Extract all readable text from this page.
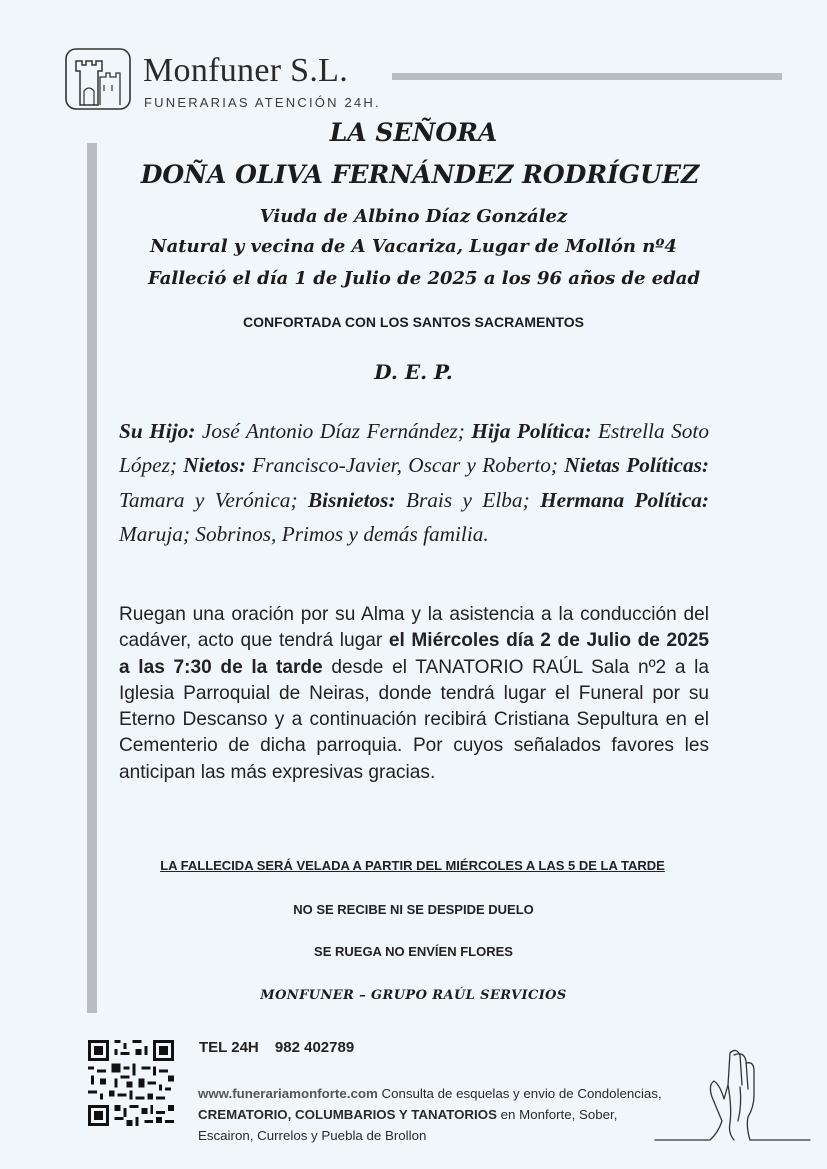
Monfuner S.L.
FUNERARIAS ATENCIÓN 24H.
LA SEÑORA
DOÑA OLIVA FERNÁNDEZ RODRÍGUEZ
Viuda de Albino Díaz González
Natural y vecina de A Vacariza, Lugar de Mollón nº4
Falleció el día 1 de Julio de 2025 a los 96 años de edad
CONFORTADA CON LOS SANTOS SACRAMENTOS
D. E. P.
Su Hijo: José Antonio Díaz Fernández; Hija Política: Estrella Soto López; Nietos: Francisco-Javier, Oscar y Roberto; Nietas Políticas: Tamara y Verónica; Bisnietos: Brais y Elba; Hermana Política: Maruja; Sobrinos, Primos y demás familia.
Ruegan una oración por su Alma y la asistencia a la conducción del cadáver, acto que tendrá lugar el Miércoles día 2 de Julio de 2025 a las 7:30 de la tarde desde el TANATORIO RAÚL Sala nº2 a la Iglesia Parroquial de Neiras, donde tendrá lugar el Funeral por su Eterno Descanso y a continuación recibirá Cristiana Sepultura en el Cementerio de dicha parroquia. Por cuyos señalados favores les anticipan las más expresivas gracias.
LA FALLECIDA SERÁ VELADA A PARTIR DEL MIÉRCOLES A LAS 5 DE LA TARDE
NO SE RECIBE NI SE DESPIDE DUELO
SE RUEGA NO ENVÍEN FLORES
MONFUNER – GRUPO RAÚL SERVICIOS
TEL 24H 982 402789
www.funerariamonforte.com Consulta de esquelas y envio de Condolencias, CREMATORIO, COLUMBARIOS Y TANATORIOS en Monforte, Sober, Escairon, Currelos y Puebla de Brollon
